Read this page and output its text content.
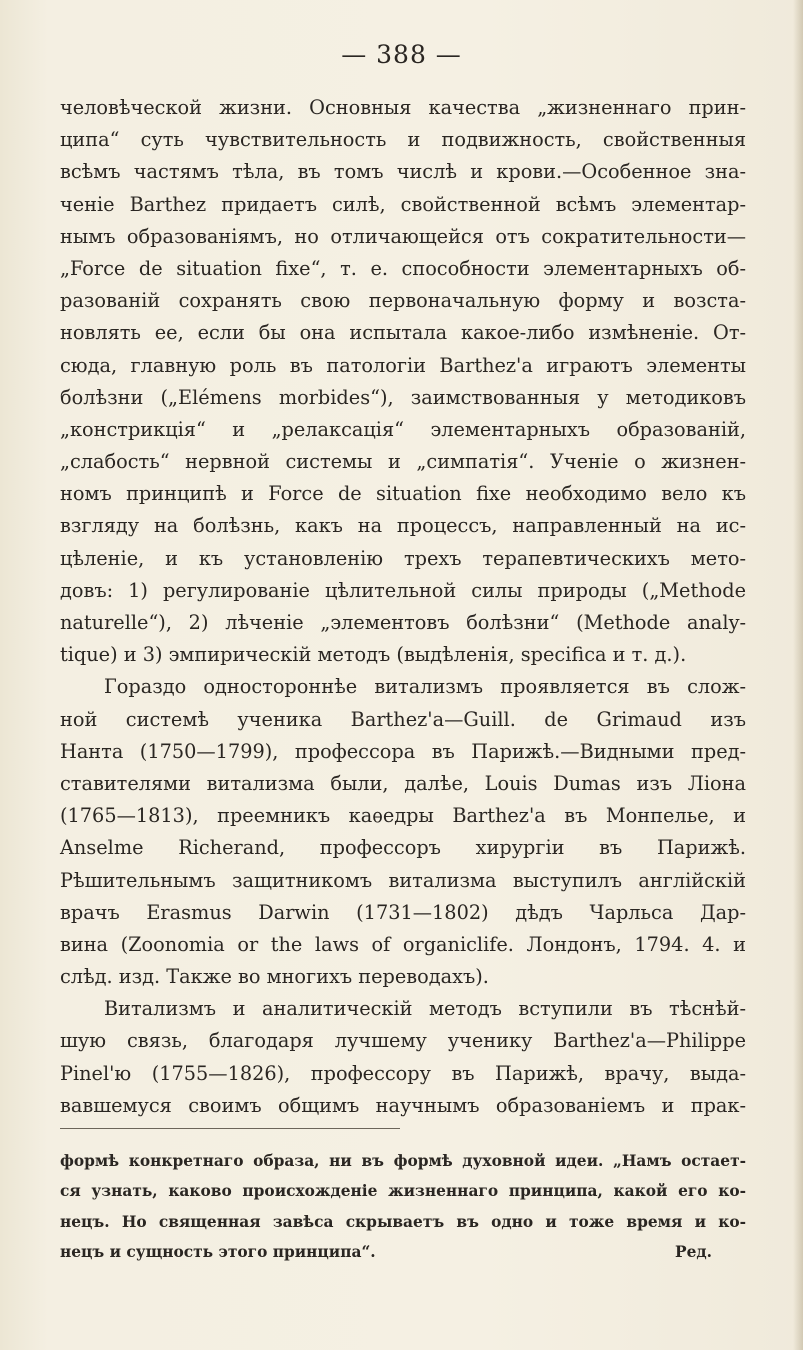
— 388 —
человѣческой жизни. Основныя качества „жизненнаго прин-
ципа“ суть чувствительность и подвижность, свойственныя
всѣмъ частямъ тѣла, въ томъ числѣ и крови.—Особенное зна-
ченіе Barthez придаетъ силѣ, свойственной всѣмъ элементар-
нымъ образованіямъ, но отличающейся отъ сократительности—
„Force de situation fixe“, т. е. способности элементарныхъ об-
разованій сохранять свою первоначальную форму и возста-
новлять ее, если бы она испытала какое-либо измѣненіе. От-
сюда, главную роль въ патологіи Barthez'a играютъ элементы
болѣзни („Elémens morbides“), заимствованныя у методиковъ
„констрикція“ и „релаксація“ элементарныхъ образованій,
„слабость“ нервной системы и „симпатія“. Ученіе о жизнен-
номъ принципѣ и Force de situation fixe необходимо вело къ
взгляду на болѣзнь, какъ на процессъ, направленный на ис-
цѣленіе, и къ установленію трехъ терапевтическихъ мето-
довъ: 1) регулированіе цѣлительной силы природы („Methode
naturelle“), 2) лѣченіе „элементовъ болѣзни“ (Methode analy-
tique) и 3) эмпирическій методъ (выдѣленія, specifica и т. д.).
Гораздо одностороннѣе витализмъ проявляется въ слож-
ной системѣ ученика Barthez'a—Guill. de Grimaud изъ
Нанта (1750—1799), профессора въ Парижѣ.—Видными пред-
ставителями витализма были, далѣе, Louis Dumas изъ Ліона
(1765—1813), преемникъ каѳедры Barthez'a въ Монпелье, и
Anselme Richerand, профессоръ хирургіи въ Парижѣ.
Рѣшительнымъ защитникомъ витализма выступилъ англійскій
врачъ Erasmus Darwin (1731—1802) дѣдъ Чарльса Дар-
вина (Zoonomia or the laws of organiclife. Лондонъ, 1794. 4. и
слѣд. изд. Также во многихъ переводахъ).
Витализмъ и аналитическій методъ вступили въ тѣснѣй-
шую связь, благодаря лучшему ученику Barthez'a—Philippe
Pinel'ю (1755—1826), профессору въ Парижѣ, врачу, выда-
вавшемуся своимъ общимъ научнымъ образованіемъ и прак-
формѣ конкретнаго образа, ни въ формѣ духовной идеи. „Намъ остает-
ся узнать, каково происхожденіе жизненнаго принципа, какой его ко-
нецъ. Но священная завѣса скрываетъ въ одно и тоже время и ко-
нецъ и сущность этого принципа“.	Ред.
